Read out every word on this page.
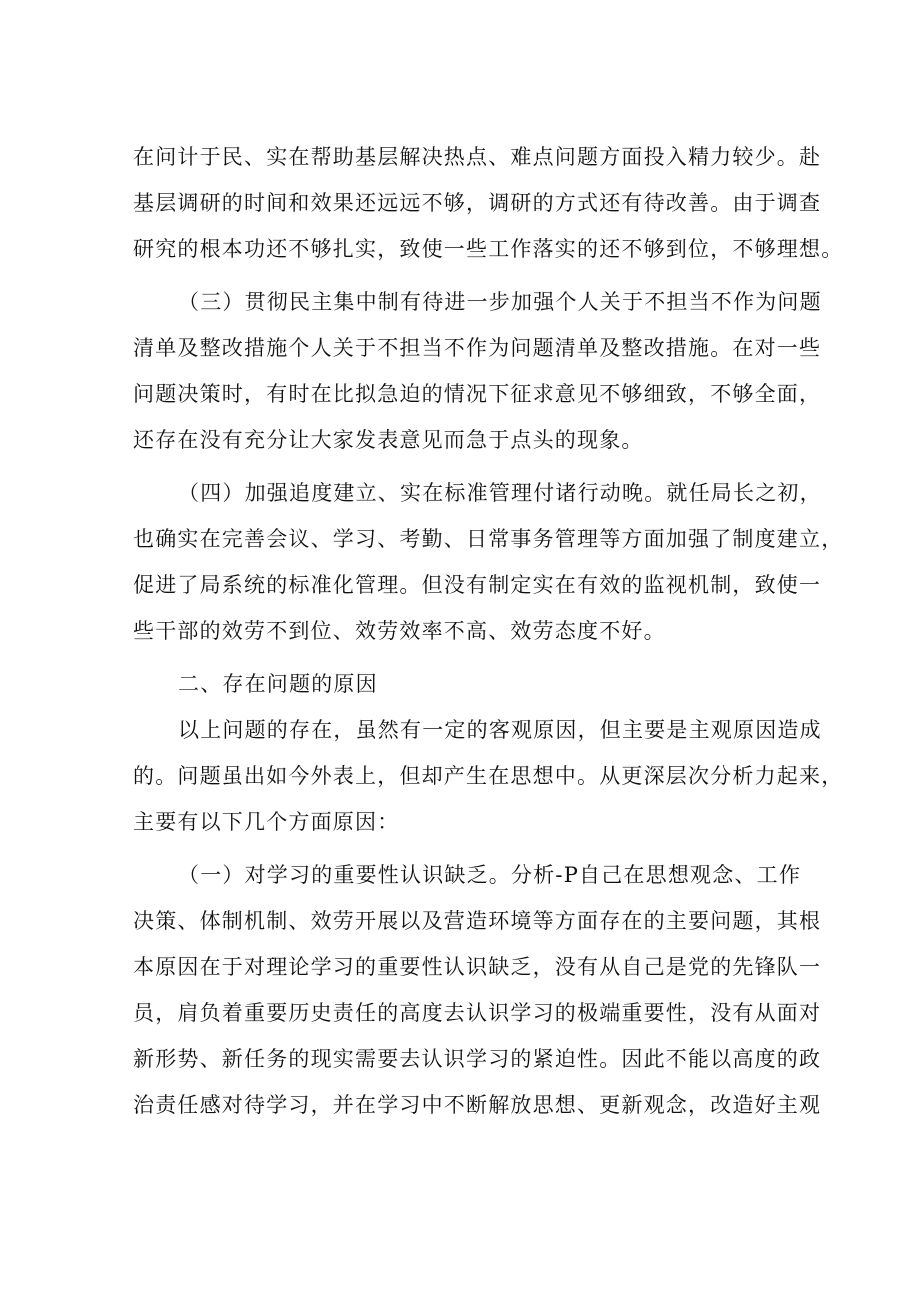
在问计于民、实在帮助基层解决热点、难点问题方面投入精力较少。赴
基层调研的时间和效果还远远不够，调研的方式还有待改善。由于调查
研究的根本功还不够扎实，致使一些工作落实的还不够到位，不够理想。
（三）贯彻民主集中制有待进一步加强个人关于不担当不作为问题
清单及整改措施个人关于不担当不作为问题清单及整改措施。在对一些
问题决策时，有时在比拟急迫的情况下征求意见不够细致，不够全面，
还存在没有充分让大家发表意见而急于点头的现象。
（四）加强追度建立、实在标准管理付诸行动晚。就任局长之初，
也确实在完善会议、学习、考勤、日常事务管理等方面加强了制度建立，
促进了局系统的标准化管理。但没有制定实在有效的监视机制，致使一
些干部的效劳不到位、效劳效率不高、效劳态度不好。
二、存在问题的原因
以上问题的存在，虽然有一定的客观原因，但主要是主观原因造成
的。问题虽出如今外表上，但却产生在思想中。从更深层次分析力起来，
主要有以下几个方面原因：
（一）对学习的重要性认识缺乏。分析-P自己在思想观念、工作
决策、体制机制、效劳开展以及营造环境等方面存在的主要问题，其根
本原因在于对理论学习的重要性认识缺乏，没有从自己是党的先锋队一
员，肩负着重要历史责任的高度去认识学习的极端重要性，没有从面对
新形势、新任务的现实需要去认识学习的紧迫性。因此不能以高度的政
治责任感对待学习，并在学习中不断解放思想、更新观念，改造好主观
